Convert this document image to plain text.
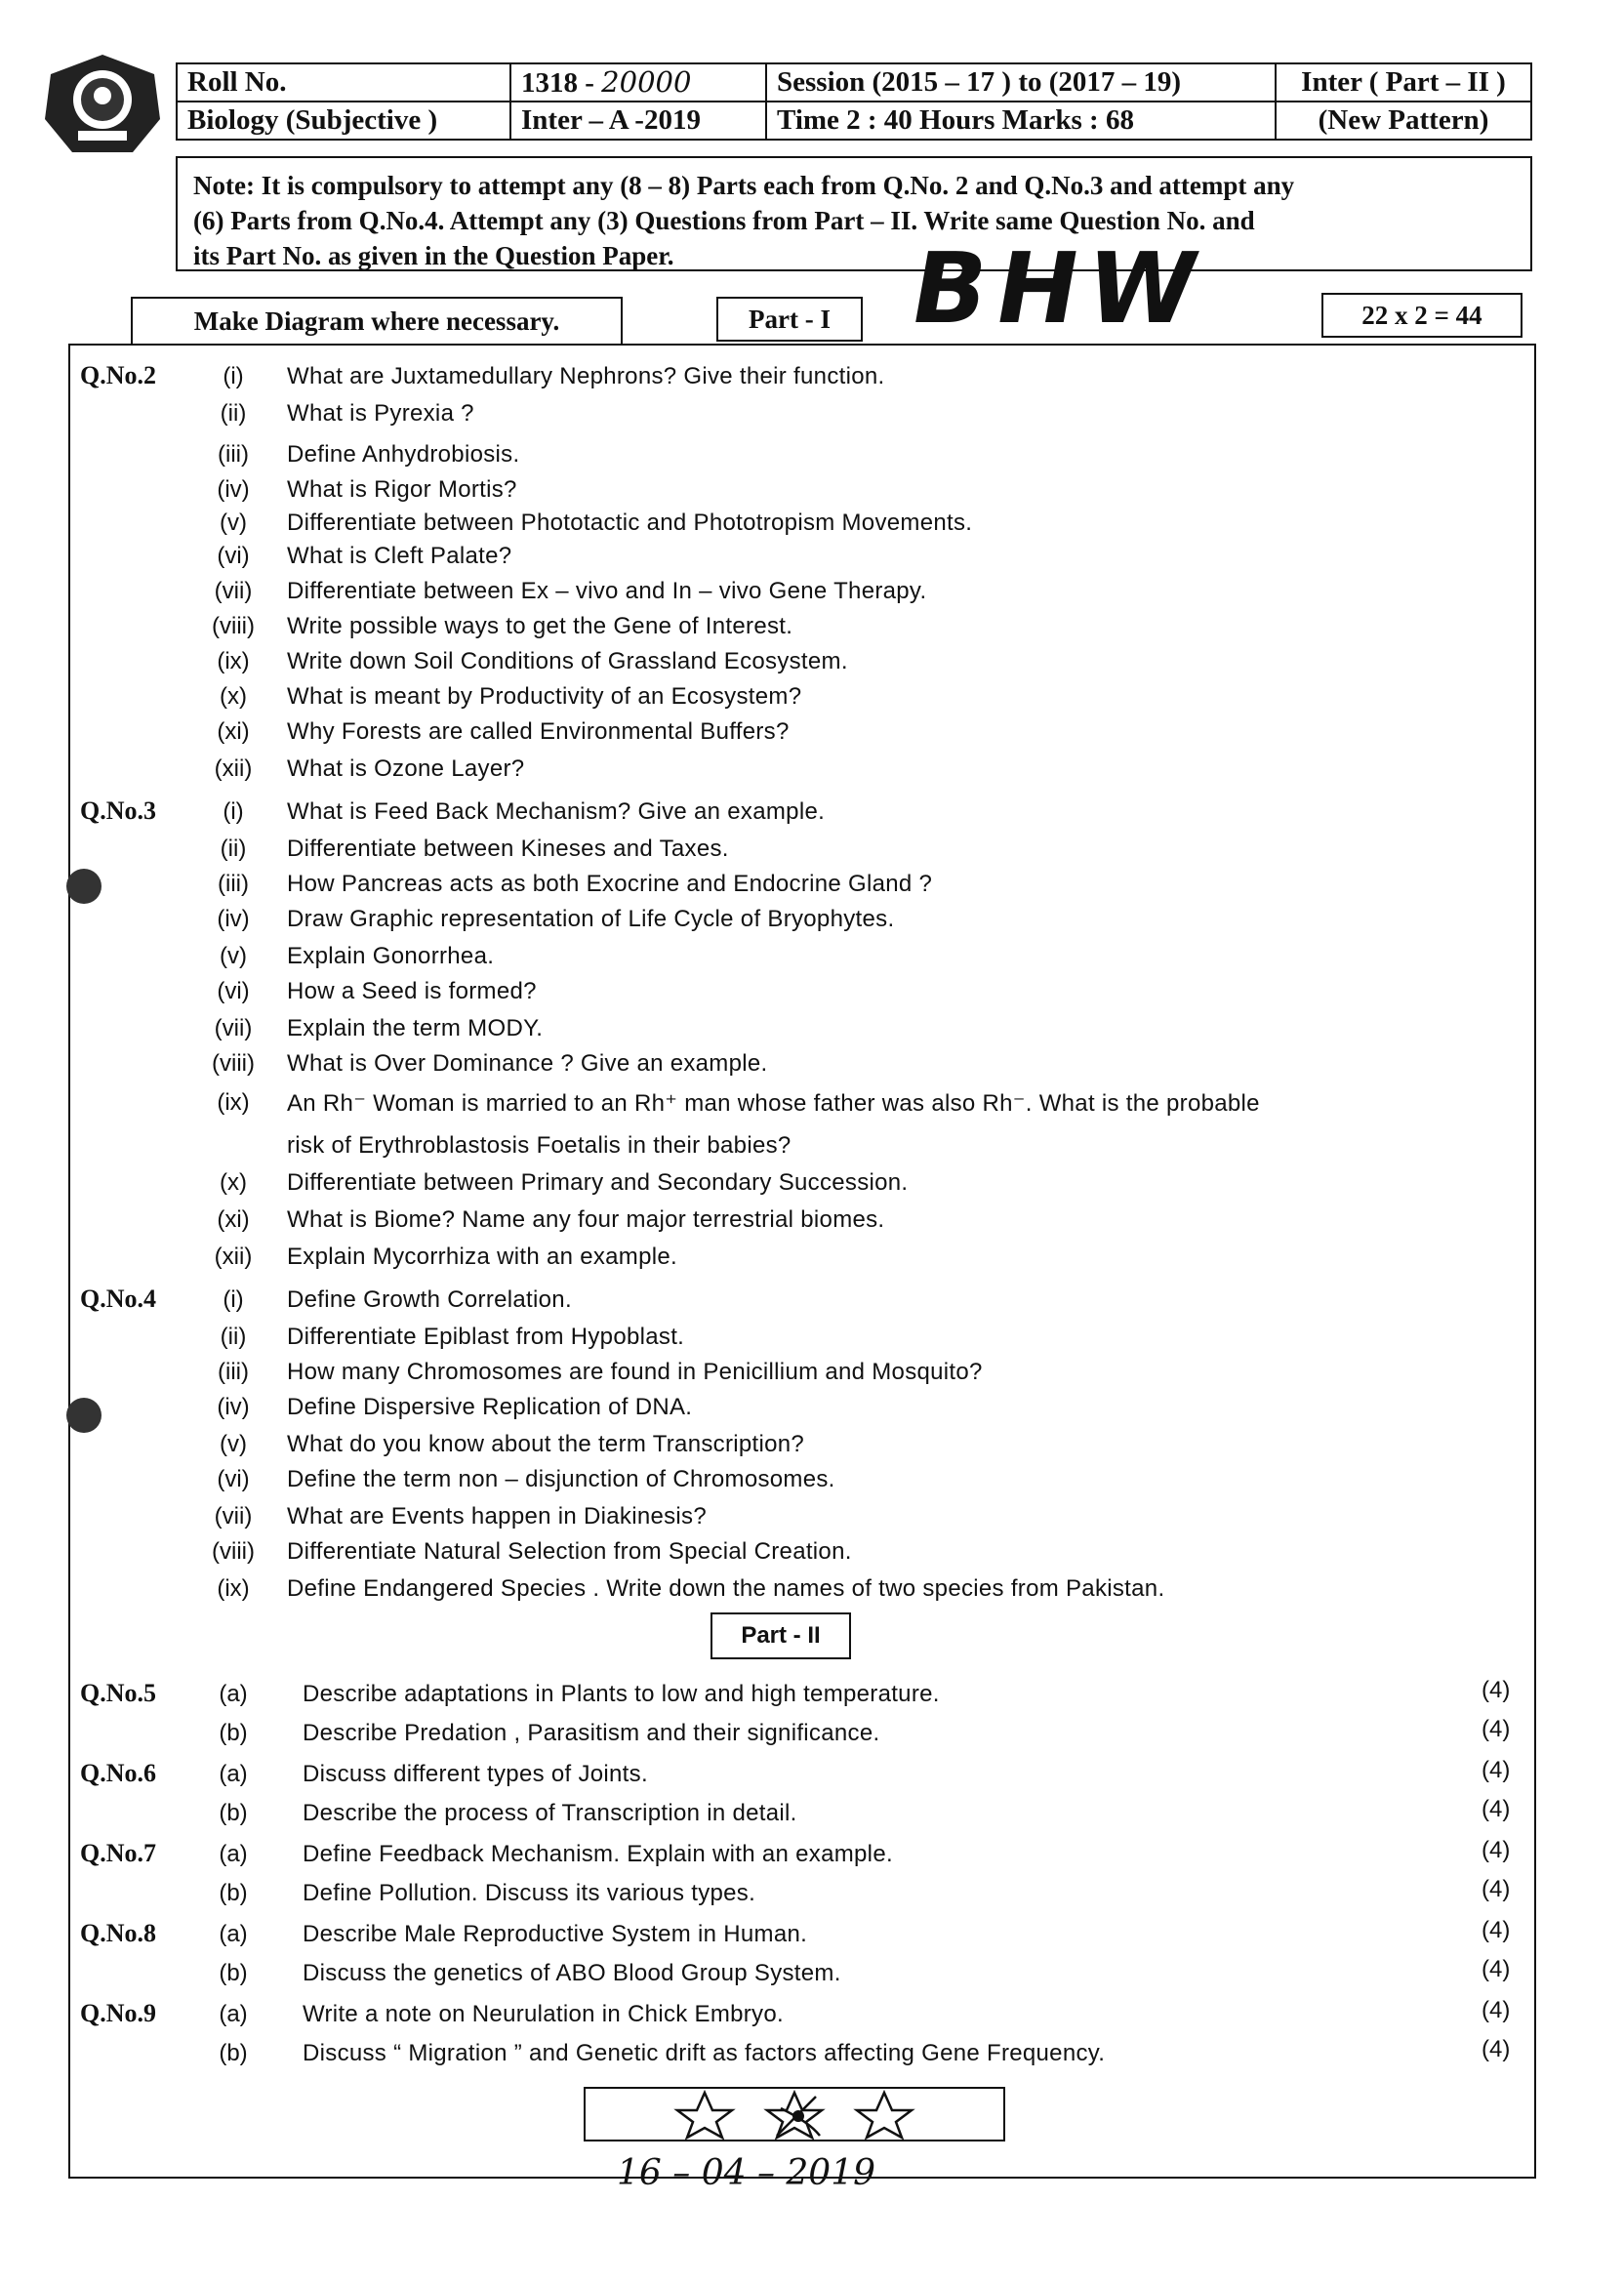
Roll No.	1318 - 20000	Session (2015 – 17 ) to (2017 – 19)	Inter ( Part – II )
Biology (Subjective )	Inter – A -2019	Time 2 : 40 Hours Marks : 68	(New Pattern)
Note: It is compulsory to attempt any (8 – 8) Parts each from Q.No. 2 and Q.No.3 and attempt any
(6) Parts from Q.No.4. Attempt any (3) Questions from Part – II. Write same Question No. and
its Part No. as given in the Question Paper.
Make Diagram where necessary.	Part - I BHW	22 x 2 = 44
Q.No.2	(i)	What are Juxtamedullary Nephrons? Give their function.
(ii)	What is Pyrexia ?
(iii)	Define Anhydrobiosis.
(iv)	What is Rigor Mortis?
(v)	Differentiate between Phototactic and Phototropism Movements.
(vi)	What is Cleft Palate?
(vii)	Differentiate between Ex – vivo and In – vivo Gene Therapy.
(viii)	Write possible ways to get the Gene of Interest.
(ix)	Write down Soil Conditions of Grassland Ecosystem.
(x)	What is meant by Productivity of an Ecosystem?
(xi)	Why Forests are called Environmental Buffers?
(xii)	What is Ozone Layer?
Q.No.3	(i)	What is Feed Back Mechanism? Give an example.
(ii)	Differentiate between Kineses and Taxes.
(iii)	How Pancreas acts as both Exocrine and Endocrine Gland ?
(iv)	Draw Graphic representation of Life Cycle of Bryophytes.
(v)	Explain Gonorrhea.
(vi)	How a Seed is formed?
(vii)	Explain the term MODY.
(viii)	What is Over Dominance ? Give an example.
(ix)	An Rh⁻ Woman is married to an Rh⁺ man whose father was also Rh⁻. What is the probable
risk of Erythroblastosis Foetalis in their babies?
(x)	Differentiate between Primary and Secondary Succession.
(xi)	What is Biome? Name any four major terrestrial biomes.
(xii)	Explain Mycorrhiza with an example.
Q.No.4	(i)	Define Growth Correlation.
(ii)	Differentiate Epiblast from Hypoblast.
(iii)	How many Chromosomes are found in Penicillium and Mosquito?
(iv)	Define Dispersive Replication of DNA.
(v)	What do you know about the term Transcription?
(vi)	Define the term non – disjunction of Chromosomes.
(vii)	What are Events happen in Diakinesis?
(viii)	Differentiate Natural Selection from Special Creation.
(ix)	Define Endangered Species . Write down the names of two species from Pakistan.
Q.No.5	(a)	Describe adaptations in Plants to low and high temperature.	(4)
(b)	Describe Predation , Parasitism and their significance.	(4)
Q.No.6	(a)	Discuss different types of Joints.	(4)
(b)	Describe the process of Transcription in detail.	(4)
Q.No.7	(a)	Define Feedback Mechanism. Explain with an example.	(4)
(b)	Define Pollution. Discuss its various types.	(4)
Q.No.8	(a)	Describe Male Reproductive System in Human.	(4)
(b)	Discuss the genetics of ABO Blood Group System.	(4)
Q.No.9	(a)	Write a note on Neurulation in Chick Embryo.	(4)
(b)	Discuss “ Migration ” and Genetic drift as factors affecting Gene Frequency.	(4)
Part - II
16 – 04 – 2019
